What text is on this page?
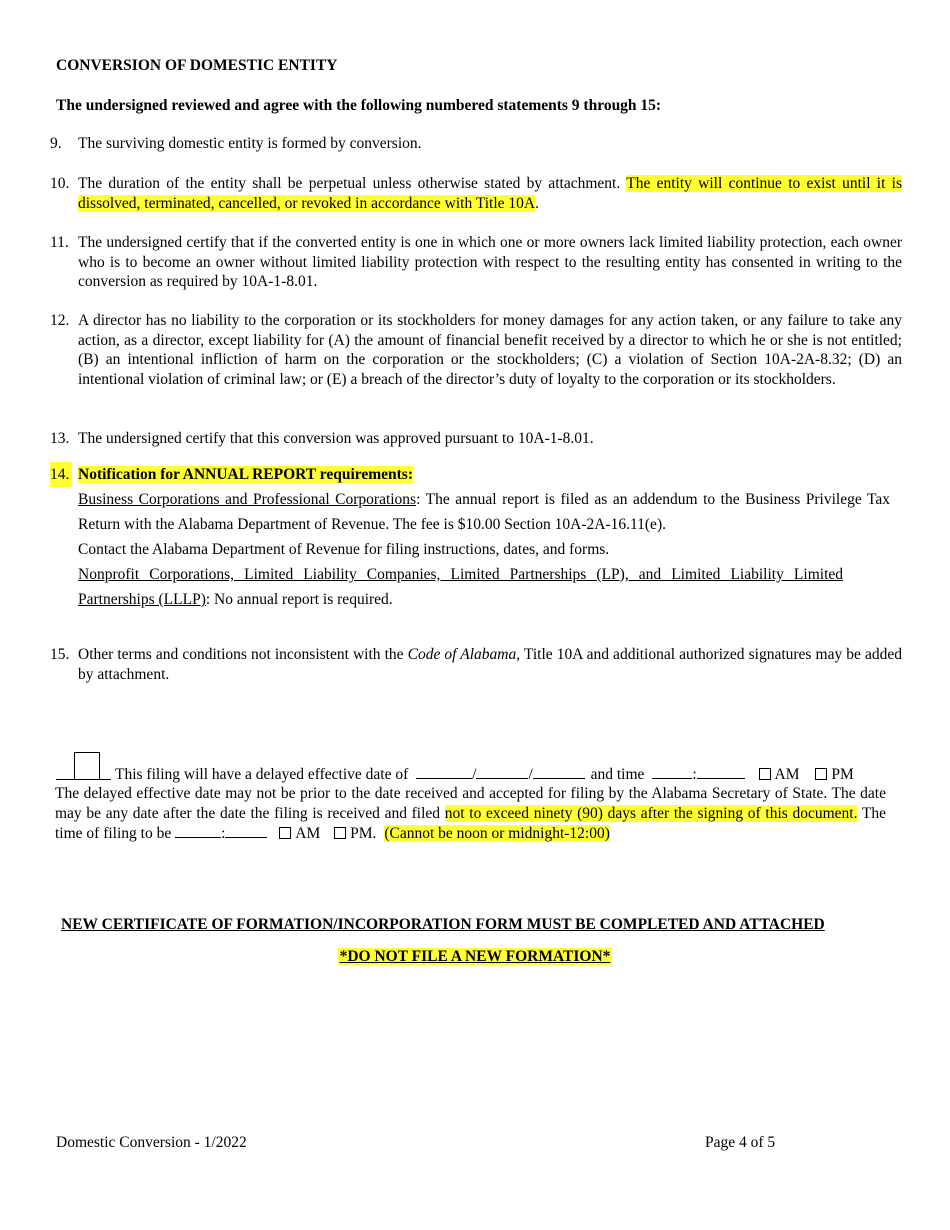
CONVERSION OF DOMESTIC ENTITY
The undersigned reviewed and agree with the following numbered statements 9 through 15:
9. The surviving domestic entity is formed by conversion.
10. The duration of the entity shall be perpetual unless otherwise stated by attachment. The entity will continue to exist until it is dissolved, terminated, cancelled, or revoked in accordance with Title 10A.
11. The undersigned certify that if the converted entity is one in which one or more owners lack limited liability protection, each owner who is to become an owner without limited liability protection with respect to the resulting entity has consented in writing to the conversion as required by 10A-1-8.01.
12. A director has no liability to the corporation or its stockholders for money damages for any action taken, or any failure to take any action, as a director, except liability for (A) the amount of financial benefit received by a director to which he or she is not entitled; (B) an intentional infliction of harm on the corporation or the stockholders; (C) a violation of Section 10A-2A-8.32; (D) an intentional violation of criminal law; or (E) a breach of the director’s duty of loyalty to the corporation or its stockholders.
13. The undersigned certify that this conversion was approved pursuant to 10A-1-8.01.
14. Notification for ANNUAL REPORT requirements:
Business Corporations and Professional Corporations: The annual report is filed as an addendum to the Business Privilege Tax Return with the Alabama Department of Revenue. The fee is $10.00 Section 10A-2A-16.11(e).
Contact the Alabama Department of Revenue for filing instructions, dates, and forms.
Nonprofit Corporations, Limited Liability Companies, Limited Partnerships (LP), and Limited Liability Limited Partnerships (LLLP): No annual report is required.
15. Other terms and conditions not inconsistent with the Code of Alabama, Title 10A and additional authorized signatures may be added by attachment.
This filing will have a delayed effective date of	/	/	and time	:	AM PM
The delayed effective date may not be prior to the date received and accepted for filing by the Alabama Secretary of State. The date may be any date after the date the filing is received and filed not to exceed ninety (90) days after the signing of this document. The time of filing to be	:	AM PM. (Cannot be noon or midnight-12:00)
NEW CERTIFICATE OF FORMATION/INCORPORATION FORM MUST BE COMPLETED AND ATTACHED
*DO NOT FILE A NEW FORMATION*
Domestic Conversion - 1/2022	Page 4 of 5
